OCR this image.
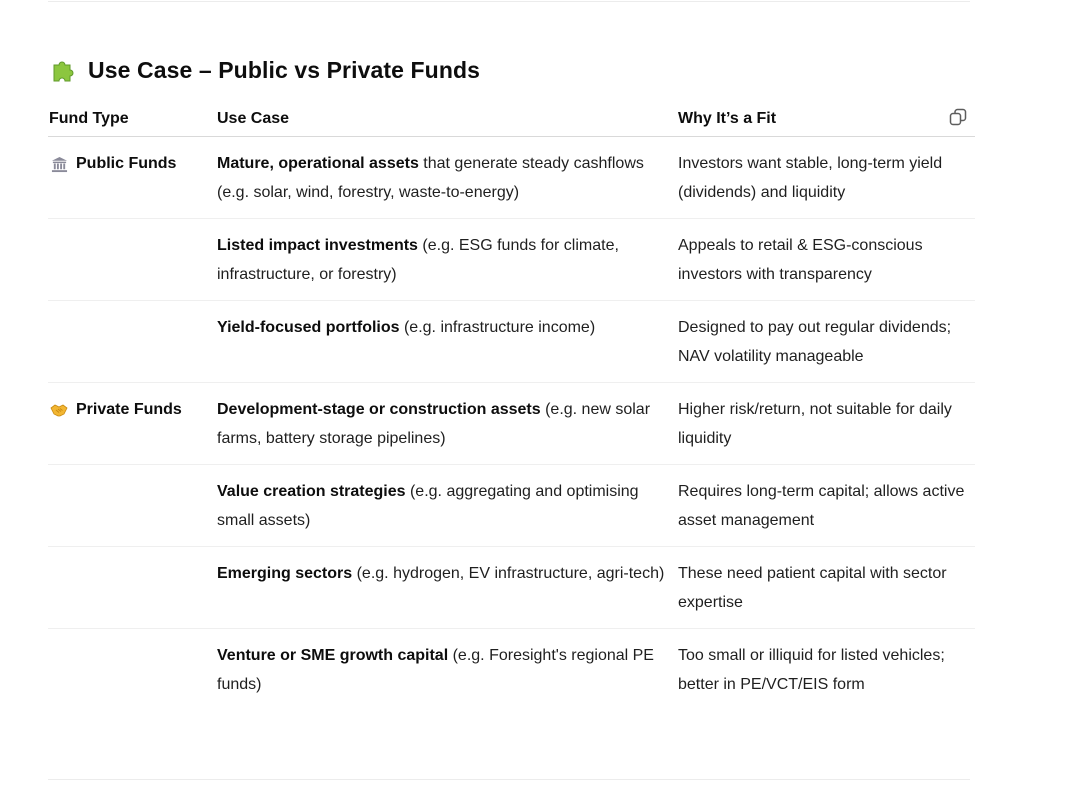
Use Case – Public vs Private Funds
Fund Type	Use Case	Why It’s a Fit

Public Funds	Mature, operational assets that generate steady cashflows (e.g. solar, wind, forestry, waste-to-energy)	Investors want stable, long-term yield (dividends) and liquidity
	Listed impact investments (e.g. ESG funds for climate, infrastructure, or forestry)	Appeals to retail & ESG-conscious investors with transparency
	Yield-focused portfolios (e.g. infrastructure income)	Designed to pay out regular dividends; NAV volatility manageable

Private Funds	Development-stage or construction assets (e.g. new solar farms, battery storage pipelines)	Higher risk/return, not suitable for daily liquidity
	Value creation strategies (e.g. aggregating and optimising small assets)	Requires long-term capital; allows active asset management
	Emerging sectors (e.g. hydrogen, EV infrastructure, agri-tech)	These need patient capital with sector expertise
	Venture or SME growth capital (e.g. Foresight's regional PE funds)	Too small or illiquid for listed vehicles; better in PE/VCT/EIS form
